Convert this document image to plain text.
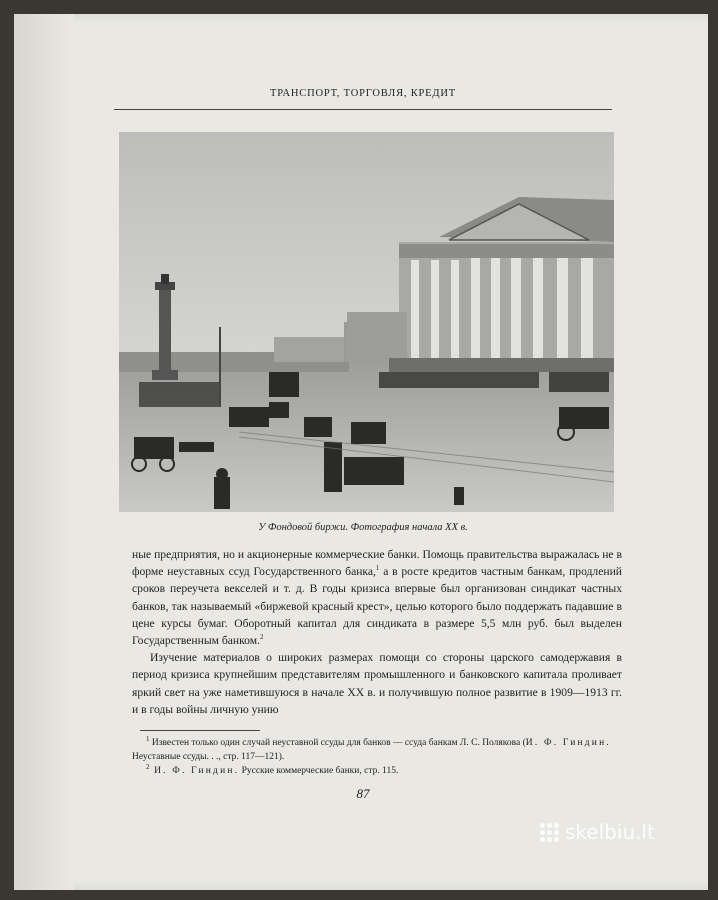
ТРАНСПОРТ, ТОРГОВЛЯ, КРЕДИТ
У Фондовой биржи. Фотография начала XX в.

ные предприятия, но и акционерные коммерческие банки. Помощь правительства выражалась не в форме неуставных ссуд Государственного банка,$^1$ а в росте кредитов частным банкам, продлений сроков переучета векселей и т. д. В годы кризиса впервые был организован синдикат частных банков, так называемый «биржевой красный крест», целью которого было поддержать падавшие в цене курсы бумаг. Оборотный капитал для синдиката в размере 5,5 млн руб. был выделен Государственным банком.$^2$

Изучение материалов о широких размерах помощи со стороны царского самодержавия в период кризиса крупнейшим представителям промышленного и банковского капитала проливает яркий свет на уже наметившуюся в начале XX в. и получившую полное развитие в 1909—1913 гг. и в годы войны личную унию

$^1$ Известен только один случай неуставной ссуды для банков — ссуда банкам Л. С. Полякова (И. Ф. Гиндин. Неуставные ссуды. . ., стр. 117—121).

$^2$ И. Ф. Гиндин. Русские коммерческие банки, стр. 115.

87
skelbiu.lt
